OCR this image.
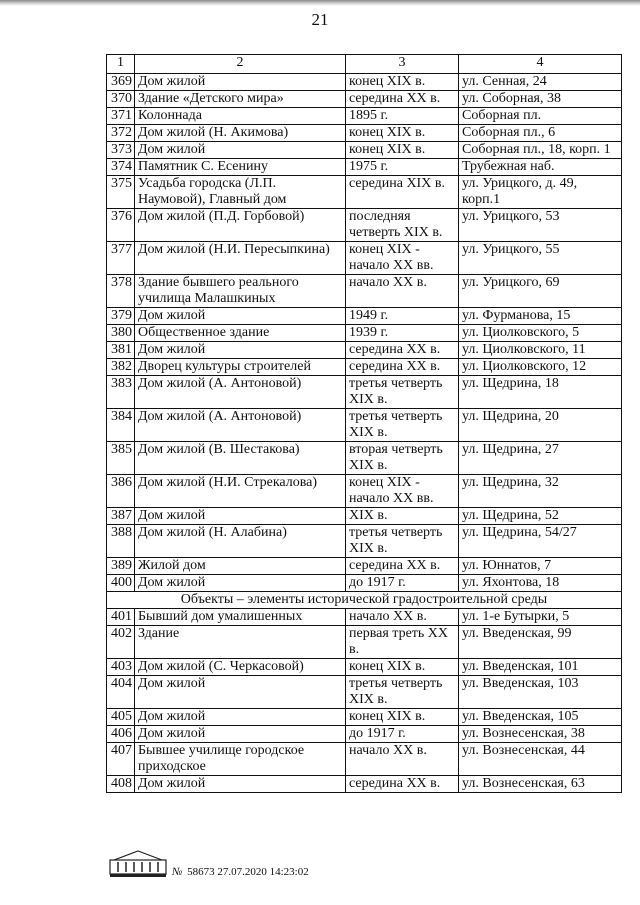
21
1	2	3	4
369	Дом жилой	конец XIX в.	ул. Сенная, 24
370	Здание «Детского мира»	середина XX в.	ул. Соборная, 38
371	Колоннада	1895 г.	Соборная пл.
372	Дом жилой (Н. Акимова)	конец XIX в.	Соборная пл., 6
373	Дом жилой	конец XIX в.	Соборная пл., 18, корп. 1
374	Памятник С. Есенину	1975 г.	Трубежная наб.
375	Усадьба городска (Л.П. Наумовой), Главный дом	середина XIX в.	ул. Урицкого, д. 49, корп.1
376	Дом жилой (П.Д. Горбовой)	последняя четверть XIX в.	ул. Урицкого, 53
377	Дом жилой (Н.И. Пересыпкина)	конец XIX - начало XX вв.	ул. Урицкого, 55
378	Здание бывшего реального училища Малашкиных	начало XX в.	ул. Урицкого, 69
379	Дом жилой	1949 г.	ул. Фурманова, 15
380	Общественное здание	1939 г.	ул. Циолковского, 5
381	Дом жилой	середина XX в.	ул. Циолковского, 11
382	Дворец культуры строителей	середина XX в.	ул. Циолковского, 12
383	Дом жилой (А. Антоновой)	третья четверть XIX в.	ул. Щедрина, 18
384	Дом жилой (А. Антоновой)	третья четверть XIX в.	ул. Щедрина, 20
385	Дом жилой (В. Шестакова)	вторая четверть XIX в.	ул. Щедрина, 27
386	Дом жилой (Н.И. Стрекалова)	конец XIX - начало XX вв.	ул. Щедрина, 32
387	Дом жилой	XIX в.	ул. Щедрина, 52
388	Дом жилой (Н. Алабина)	третья четверть XIX в.	ул. Щедрина, 54/27
389	Жилой дом	середина XX в.	ул. Юннатов, 7
400	Дом жилой	до 1917 г.	ул. Яхонтова, 18
Объекты – элементы исторической градостроительной среды			
401	Бывший дом умалишенных	начало XX в.	ул. 1-е Бутырки, 5
402	Здание	первая треть XX в.	ул. Введенская, 99
403	Дом жилой (С. Черкасовой)	конец XIX в.	ул. Введенская, 101
404	Дом жилой	третья четверть XIX в.	ул. Введенская, 103
405	Дом жилой	конец XIX в.	ул. Введенская, 105
406	Дом жилой	до 1917 г.	ул. Вознесенская, 38
407	Бывшее училище городское приходское	начало XX в.	ул. Вознесенская, 44
408	Дом жилой	середина XX в.	ул. Вознесенская, 63
№ 58673 27.07.2020 14:23:02
